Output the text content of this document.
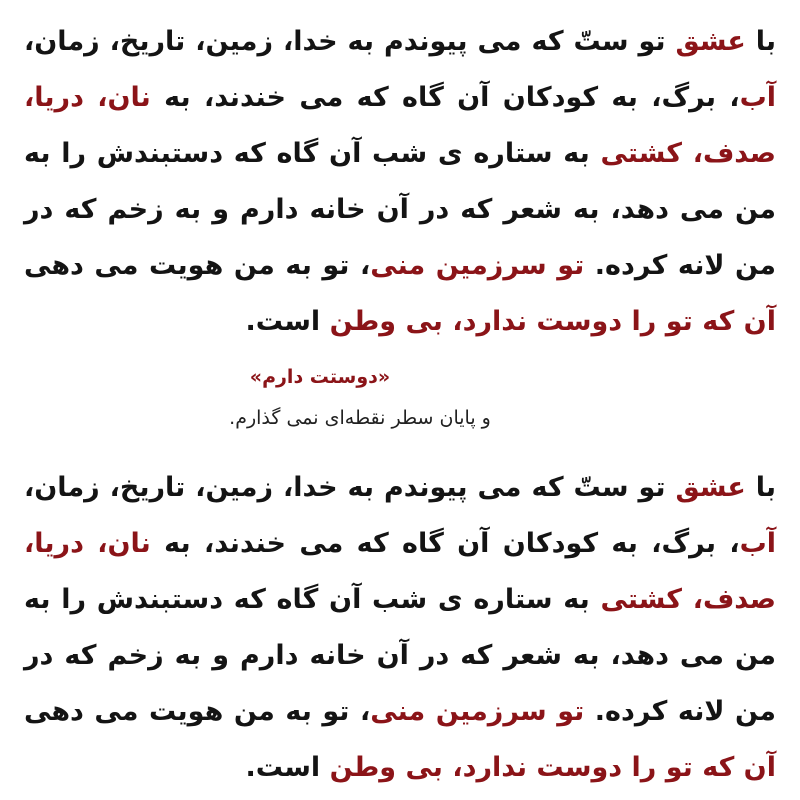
با عشق تو ستّ که می پیوندم به خدا، زمین، تاریخ، زمان، آب، برگ، به کودکان آن گاه که می خندند، به نان، دریا، صدف، کشتی به ستاره ی شب آن گاه که دستبندش را به من می دهد، به شعر که در آن خانه دارم و به زخم که در من لانه کرده. تو سرزمین منی، تو به من هویت می دهی آن که تو را دوست ندارد، بی وطن است.
«دوستت دارم»
و پایان سطر نقطه‌ای نمی گذارم.
با عشق تو ستّ که می پیوندم به خدا، زمین، تاریخ، زمان، آب، برگ، به کودکان آن گاه که می خندند، به نان، دریا، صدف، کشتی به ستاره ی شب آن گاه که دستبندش را به من می دهد، به شعر که در آن خانه دارم و به زخم که در من لانه کرده. تو سرزمین منی، تو به من هویت می دهی آن که تو را دوست ندارد، بی وطن است.
